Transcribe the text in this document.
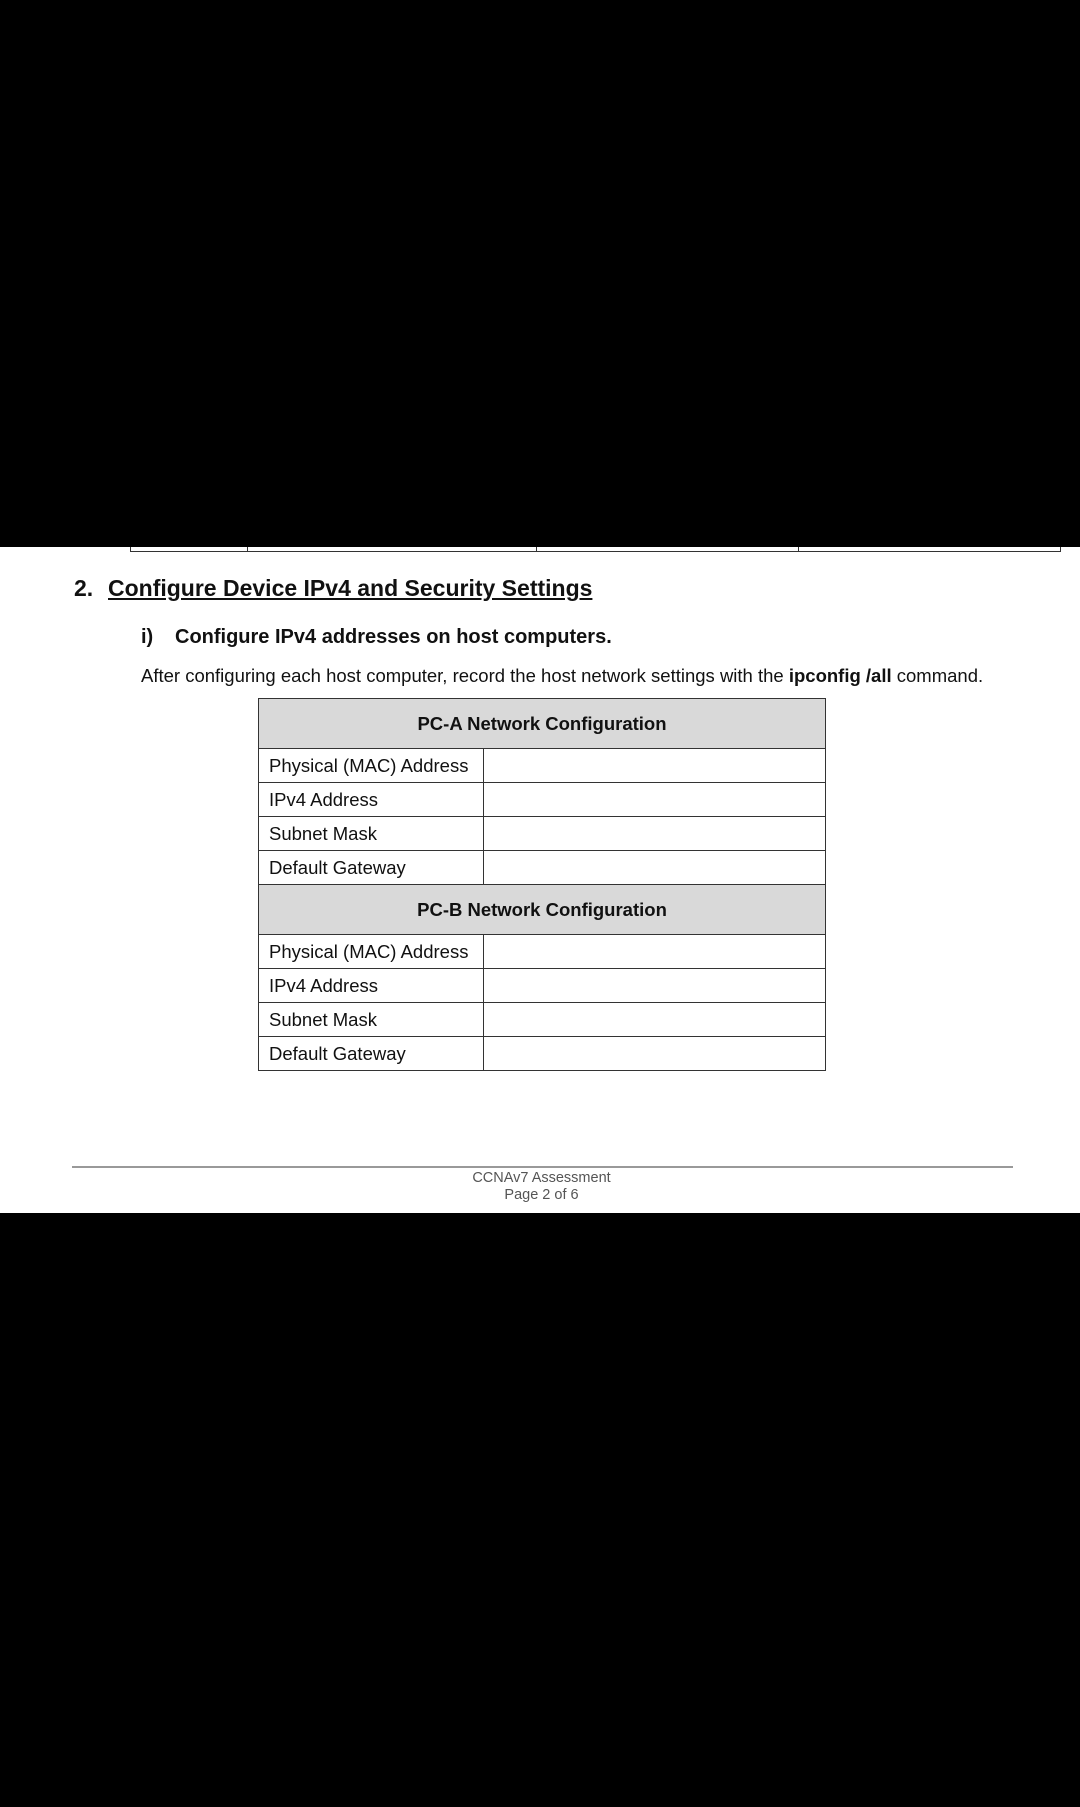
2. Configure Device IPv4 and Security Settings
i) Configure IPv4 addresses on host computers.
After configuring each host computer, record the host network settings with the ipconfig /all command.
PC-A Network Configuration	
Physical (MAC) Address	
IPv4 Address	
Subnet Mask	
Default Gateway	
PC-B Network Configuration	
Physical (MAC) Address	
IPv4 Address	
Subnet Mask	
Default Gateway	
CCNAv7 Assessment
Page 2 of 6
